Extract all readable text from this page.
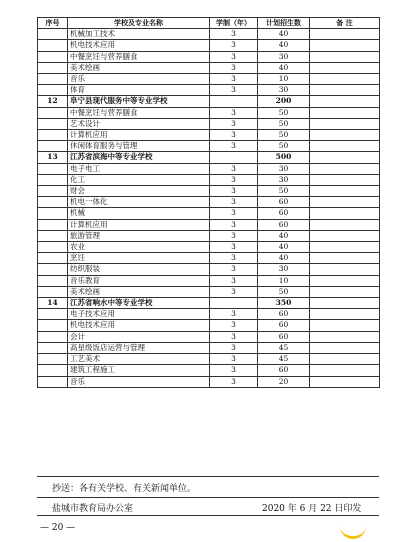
序号	学校及专业名称	学制（年）	计划招生数	备 注
	机械加工技术	3	40	
	机电技术应用	3	40	
	中餐烹饪与营养膳食	3	30	
	美术绘画	3	40	
	音乐	3	10	
	体育	3	30	
12	阜宁县现代服务中等专业学校		200	
	中餐烹饪与营养膳食	3	50	
	艺术设计	3	50	
	计算机应用	3	50	
	休闲体育服务与管理	3	50	
13	江苏省滨海中等专业学校		500	
	电子电工	3	30	
	化工	3	30	
	财会	3	50	
	机电一体化	3	60	
	机械	3	60	
	计算机应用	3	60	
	旅游管理	3	40	
	农业	3	40	
	烹饪	3	40	
	纺织服装	3	30	
	音乐教育	3	10	
	美术绘画	3	50	
14	江苏省响水中等专业学校		350	
	电子技术应用	3	60	
	机电技术应用	3	60	
	会计	3	60	
	高星级饭店运营与管理	3	45	
	工艺美术	3	45	
	建筑工程施工	3	60	
	音乐	3	20	
抄送：各有关学校、有关新闻单位。
盐城市教育局办公室	2020 年 6 月 22 日印发
— 20 —
